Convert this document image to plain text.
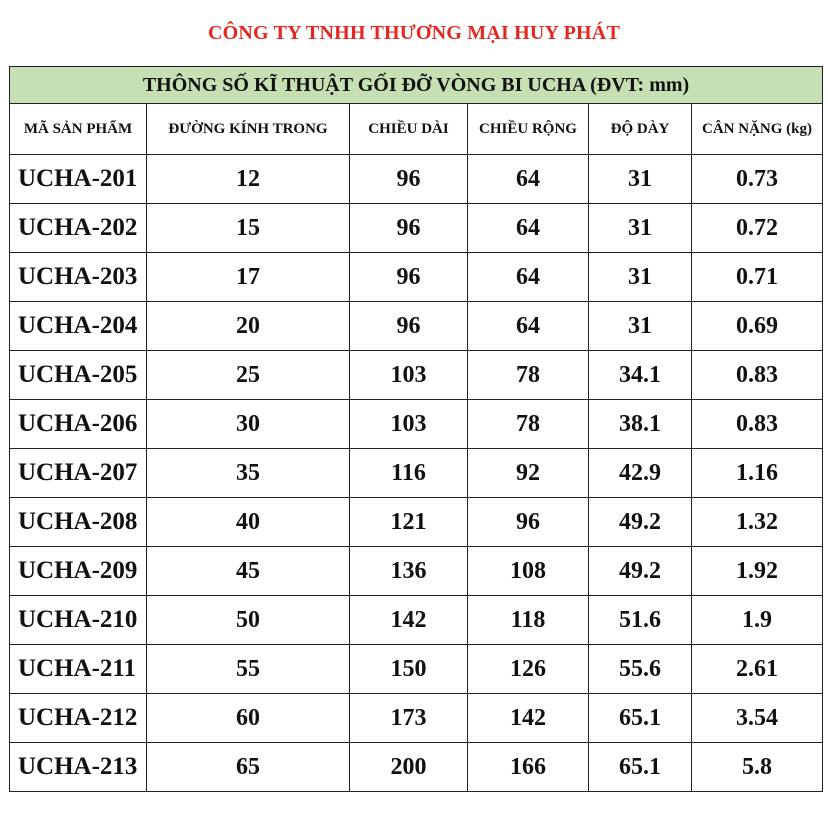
CÔNG TY TNHH THƯƠNG MẠI HUY PHÁT
THÔNG SỐ KĨ THUẬT GỐI ĐỠ VÒNG BI UCHA (ĐVT: mm)					
MÃ SẢN PHẨM	ĐƯỜNG KÍNH TRONG	CHIỀU DÀI	CHIỀU RỘNG	ĐỘ DÀY	CÂN NẶNG (kg)
UCHA-201	12	96	64	31	0.73
UCHA-202	15	96	64	31	0.72
UCHA-203	17	96	64	31	0.71
UCHA-204	20	96	64	31	0.69
UCHA-205	25	103	78	34.1	0.83
UCHA-206	30	103	78	38.1	0.83
UCHA-207	35	116	92	42.9	1.16
UCHA-208	40	121	96	49.2	1.32
UCHA-209	45	136	108	49.2	1.92
UCHA-210	50	142	118	51.6	1.9
UCHA-211	55	150	126	55.6	2.61
UCHA-212	60	173	142	65.1	3.54
UCHA-213	65	200	166	65.1	5.8
